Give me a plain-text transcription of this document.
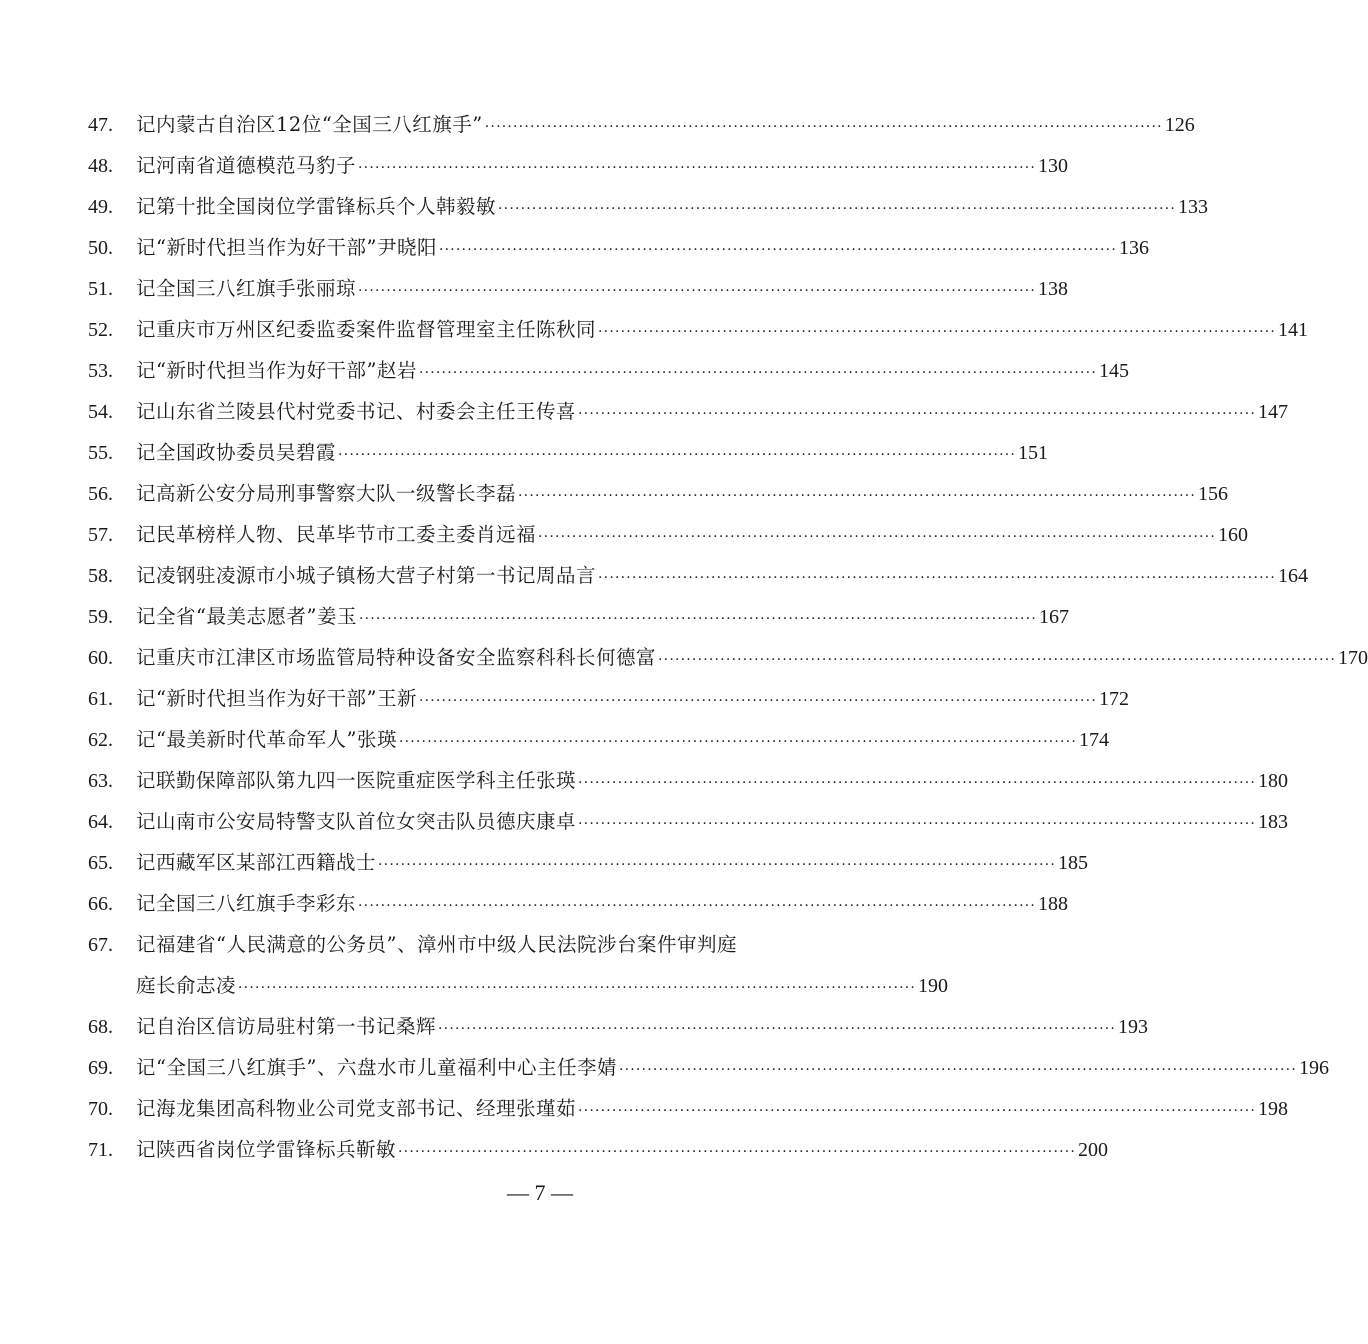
47.	记内蒙古自治区12位“全国三八红旗手” ························································································································ 126
48.	记河南省道德模范马豹子 ························································································································ 130
49.	记第十批全国岗位学雷锋标兵个人韩毅敏 ························································································································ 133
50.	记“新时代担当作为好干部”尹晓阳 ························································································································ 136
51.	记全国三八红旗手张丽琼 ························································································································ 138
52.	记重庆市万州区纪委监委案件监督管理室主任陈秋同 ························································································································ 141
53.	记“新时代担当作为好干部”赵岩 ························································································································ 145
54.	记山东省兰陵县代村党委书记、村委会主任王传喜 ························································································································ 147
55.	记全国政协委员吴碧霞 ························································································································ 151
56.	记高新公安分局刑事警察大队一级警长李磊 ························································································································ 156
57.	记民革榜样人物、民革毕节市工委主委肖远福 ························································································································ 160
58.	记凌钢驻凌源市小城子镇杨大营子村第一书记周品言 ························································································································ 164
59.	记全省“最美志愿者”姜玉 ························································································································ 167
60.	记重庆市江津区市场监管局特种设备安全监察科科长何德富 ························································································································ 170
61.	记“新时代担当作为好干部”王新 ························································································································ 172
62.	记“最美新时代革命军人”张瑛 ························································································································ 174
63.	记联勤保障部队第九四一医院重症医学科主任张瑛 ························································································································ 180
64.	记山南市公安局特警支队首位女突击队员德庆康卓 ························································································································ 183
65.	记西藏军区某部江西籍战士 ························································································································ 185
66.	记全国三八红旗手李彩东 ························································································································ 188
67.	记福建省“人民满意的公务员”、漳州市中级人民法院涉台案件审判庭
庭长俞志凌 ························································································································ 190
68.	记自治区信访局驻村第一书记桑辉 ························································································································ 193
69.	记“全国三八红旗手”、六盘水市儿童福利中心主任李婧 ························································································································ 196
70.	记海龙集团高科物业公司党支部书记、经理张瑾茹 ························································································································ 198
71.	记陕西省岗位学雷锋标兵靳敏 ························································································································ 200
— 7 —
